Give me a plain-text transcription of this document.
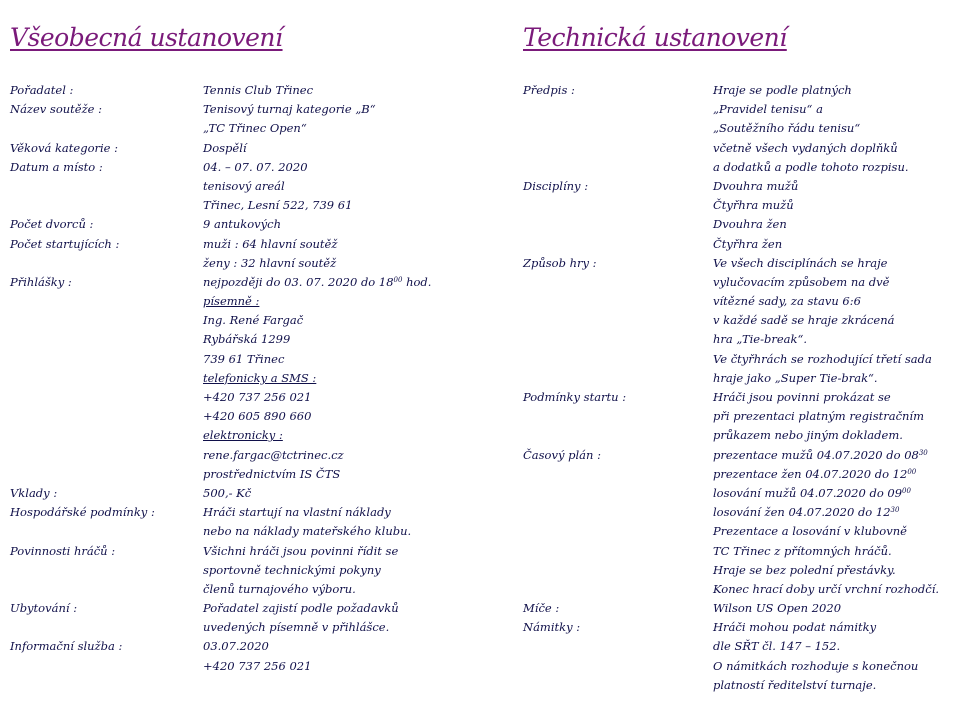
Všeobecná ustanovení
Pořadatel :	Tennis Club Třinec
Název soutěže :	Tenisový turnaj kategorie „B“
„TC Třinec Open“
Věková kategorie :	Dospělí
Datum a místo :	04. – 07. 07. 2020
tenisový areál
Třinec, Lesní 522, 739 61
Počet dvorců :	9 antukových
Počet startujících :	muži : 64 hlavní soutěž
ženy : 32 hlavní soutěž
Přihlášky :	nejpozději do 03. 07. 2020 do $18^{00}$ hod.
písemně :
Ing. René Fargač
Rybářská 1299
739 61 Třinec
telefonicky a SMS :
+420 737 256 021
+420 605 890 660
elektronicky :
rene.fargac@tctrinec.cz
prostřednictvím IS ČTS
Vklady :	500,- Kč
Hospodářské podmínky :	Hráči startují na vlastní náklady
nebo na náklady mateřského klubu.
Povinnosti hráčů :	Všichni hráči jsou povinni řídit se
sportovně technickými pokyny
členů turnajového výboru.
Ubytování :	Pořadatel zajistí podle požadavků
uvedených písemně v přihlášce.
Informační služba :	03.07.2020
+420 737 256 021
Technická ustanovení
Předpis :	Hraje se podle platných
„Pravidel tenisu“ a
„Soutěžního řádu tenisu“
včetně všech vydaných doplňků
a dodatků a podle tohoto rozpisu.
Disciplíny :	Dvouhra mužů
Čtyřhra mužů
Dvouhra žen
Čtyřhra žen
Způsob hry :	Ve všech disciplínách se hraje
vylučovacím způsobem na dvě
vítězné sady, za stavu 6:6
v každé sadě se hraje zkrácená
hra „Tie-break“.
Ve čtyřhrách se rozhodující třetí sada
hraje jako „Super Tie-brak“.
Podmínky startu :	Hráči jsou povinni prokázat se
při prezentaci platným registračním
průkazem nebo jiným dokladem.
Časový plán :	prezentace mužů 04.07.2020 do $08^{30}$
prezentace žen 04.07.2020 do $12^{00}$
losování mužů 04.07.2020 do $09^{00}$
losování žen 04.07.2020 do $12^{30}$
Prezentace a losování v klubovně
TC Třinec z přítomných hráčů.
Hraje se bez polední přestávky.
Konec hrací doby určí vrchní rozhodčí.
Míče :	Wilson US Open 2020
Námitky :	Hráči mohou podat námitky
dle SŘT čl. 147 – 152.
O námitkách rozhoduje s konečnou
platností ředitelství turnaje.
